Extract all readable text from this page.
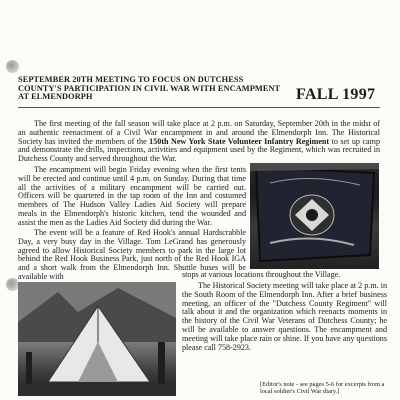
SEPTEMBER 20TH MEETING TO FOCUS ON DUTCHESS COUNTY'S PARTICIPATION IN CIVIL WAR WITH ENCAMPMENT AT ELMENDORPH	FALL 1997

The first meeting of the fall season will take place at 2 p.m. on Saturday, September 20th in the midst of an authentic reenactment of a Civil War encampment in and around the Elmendorph Inn. The Historical Society has invited the members of the 150th New York State Volunteer Infantry Regiment to set up camp and demonstrate the drills, inspections, activities and equipment used by the Regiment, which was recruited in Dutchess County and served throughout the War.

The encampment will begin Friday evening when the first tents will be erected and continue until 4 p.m. on Sunday. During that time all the activities of a military encampment will be carried out. Officers will be quartered in the tap room of the Inn and costumed members of The Hudson Valley Ladies Aid Society will prepare meals in the Elmendorph's historic kitchen, tend the wounded and assist the men as the Ladies Aid Society did during the War.

The event will be a feature of Red Hook's annual Hardscrabble Day, a very busy day in the Village. Tom LeGrand has generously agreed to allow Historical Society members to park in the large lot behind the Red Hook Business Park, just north of the Red Hook IGA and a short walk from the Elmendorph Inn. Shuttle buses will be available with	stops at various locations throughout the Village.

The Historical Society meeting will take place at 2 p.m. in the South Room of the Elmendorph Inn. After a brief business meeting, an officer of the "Dutchess County Regiment" will talk about it and the organization which reenacts moments in the history of the Civil War Veterans of Dutchess County; he will be available to answer questions. The encampment and meeting will take place rain or shine. If you have any questions please call 758-2923.

[Editor's note - see pages 5-6 for excerpts from a local soldier's Civil War diary.]
